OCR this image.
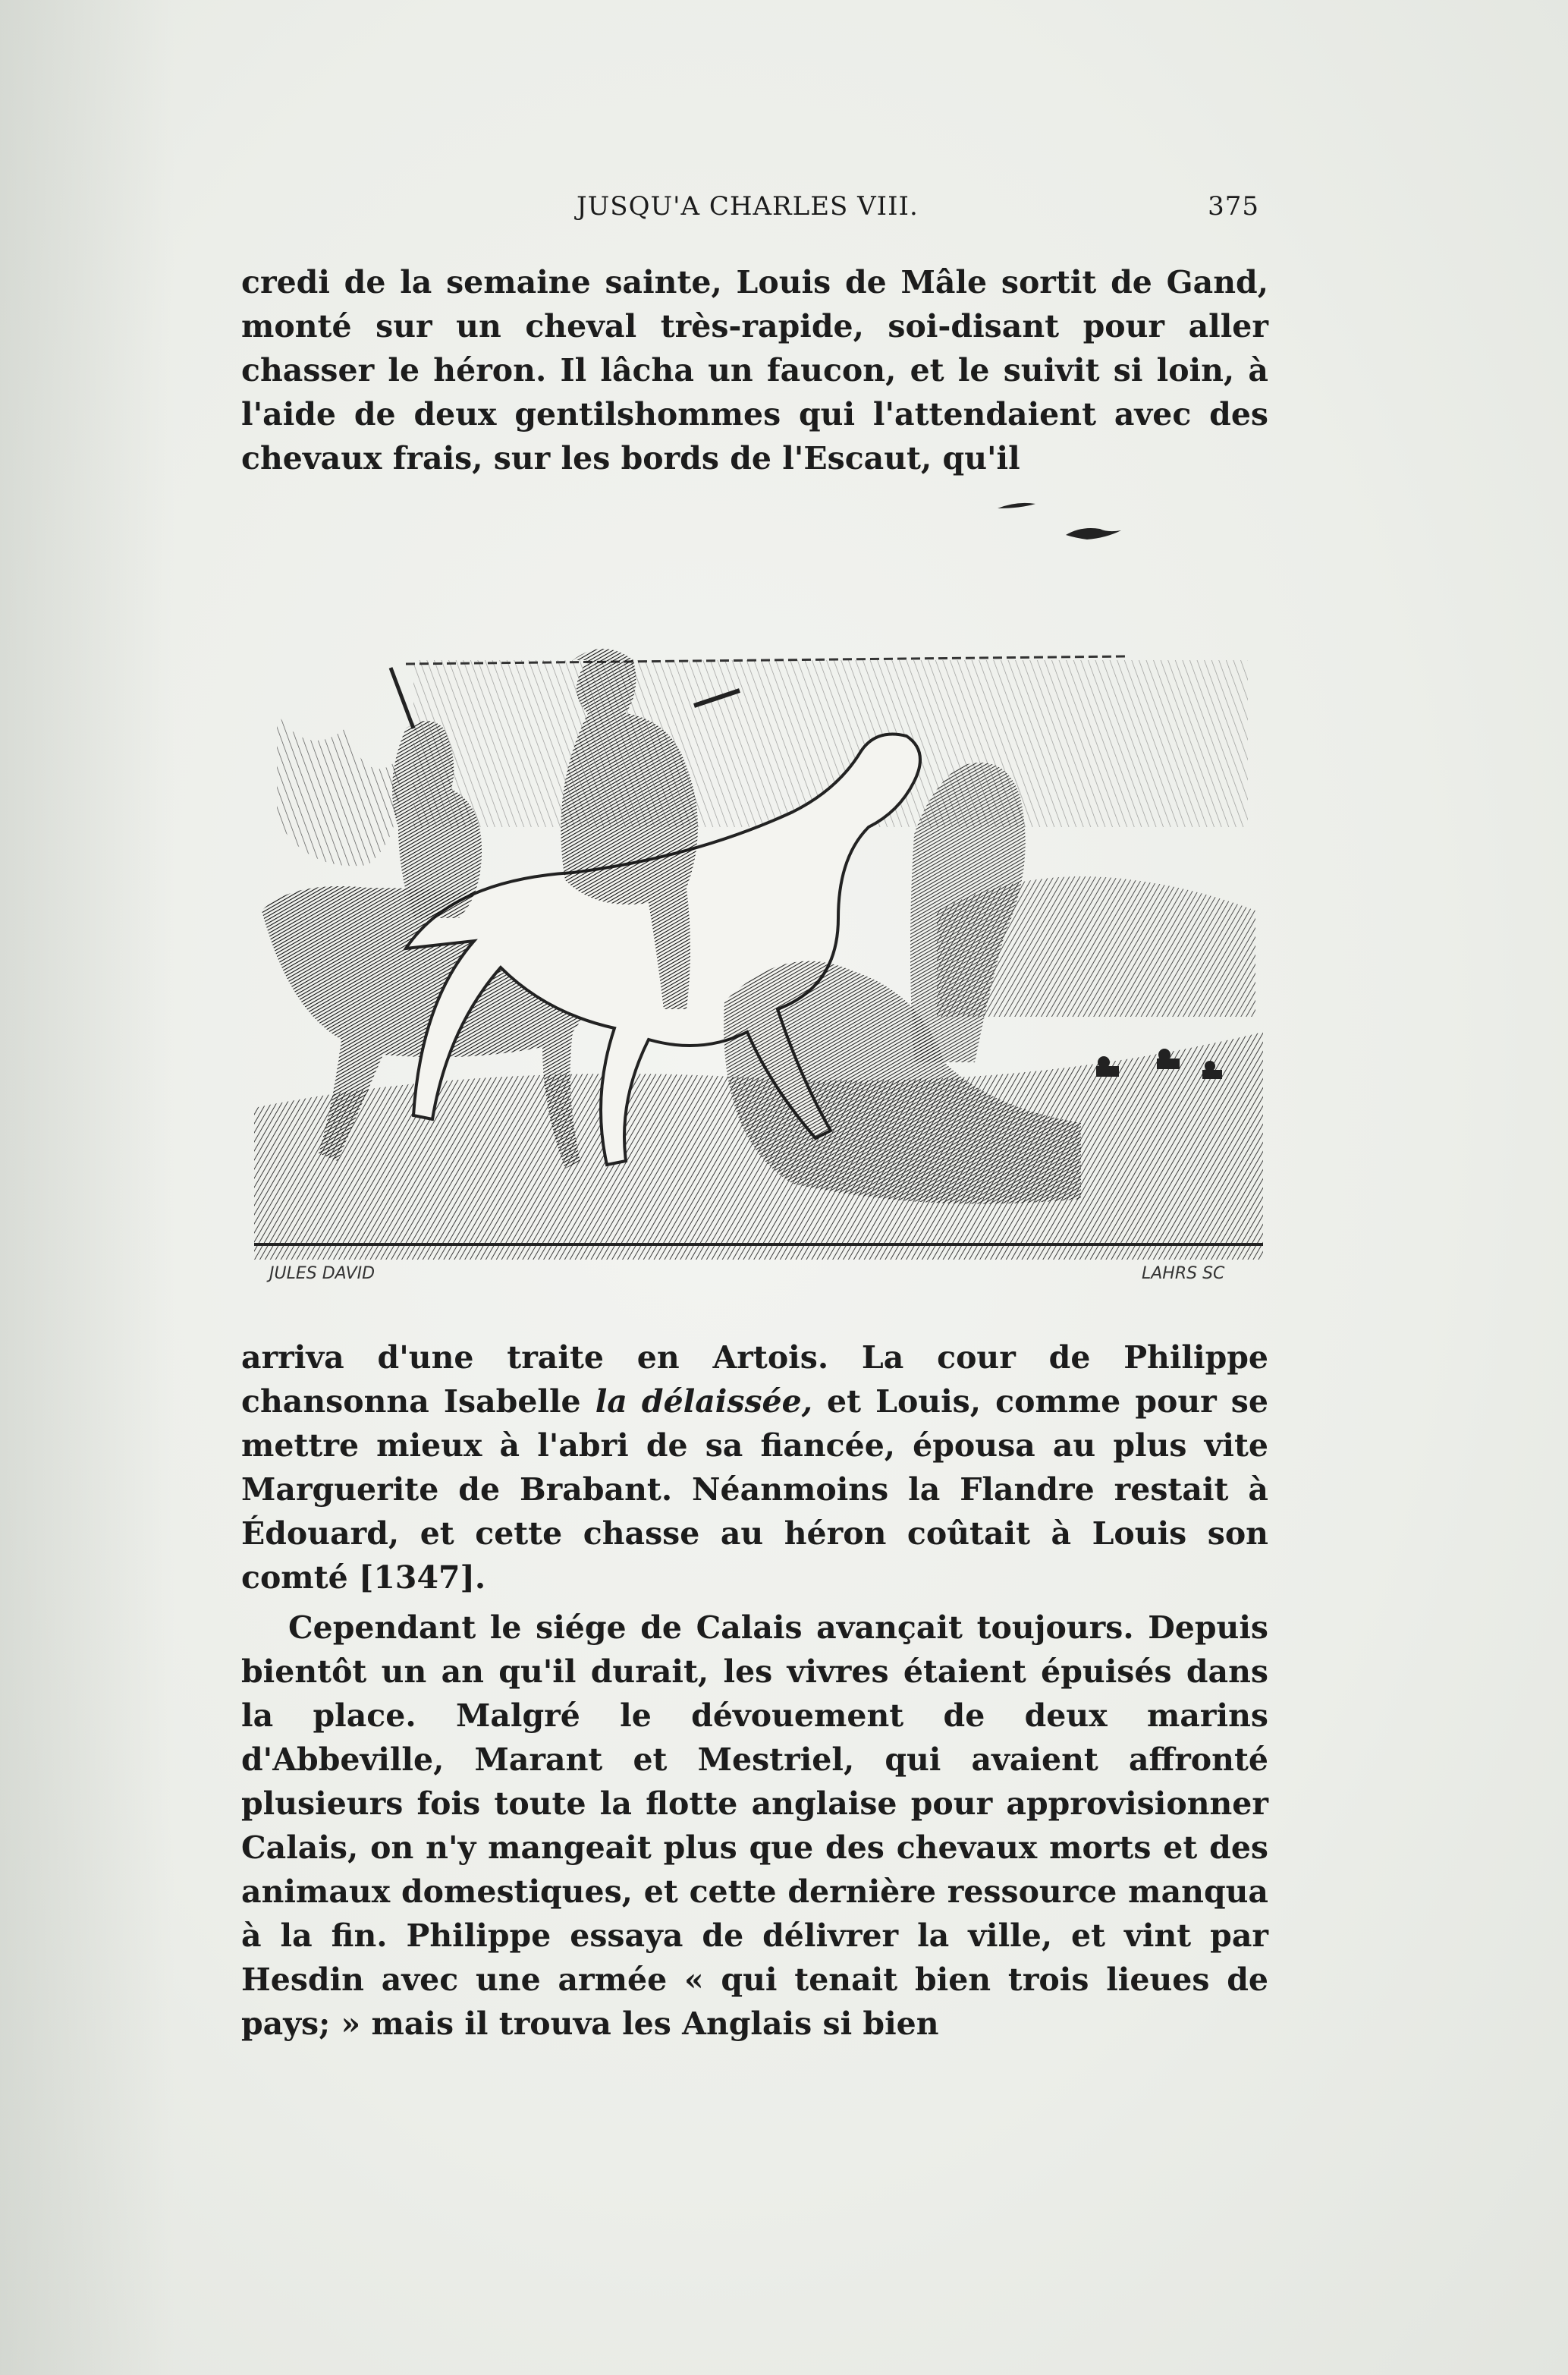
JUSQU'A CHARLES VIII.	375

credi de la semaine sainte, Louis de Mâle sortit de Gand, monté sur un cheval très-rapide, soi-disant pour aller chasser le héron. Il lâcha un faucon, et le suivit si loin, à l'aide de deux gentilshommes qui l'attendaient avec des chevaux frais, sur les bords de l'Escaut, qu'il

JULES DAVID	LAHRS SC

arriva d'une traite en Artois. La cour de Philippe chansonna Isabelle la délaissée, et Louis, comme pour se mettre mieux à l'abri de sa fiancée, épousa au plus vite Marguerite de Brabant. Néanmoins la Flandre restait à Édouard, et cette chasse au héron coûtait à Louis son comté [1347].

Cependant le siége de Calais avançait toujours. Depuis bientôt un an qu'il durait, les vivres étaient épuisés dans la place. Malgré le dévouement de deux marins d'Abbeville, Marant et Mestriel, qui avaient affronté plusieurs fois toute la flotte anglaise pour approvisionner Calais, on n'y mangeait plus que des chevaux morts et des animaux domestiques, et cette dernière ressource manqua à la fin. Philippe essaya de délivrer la ville, et vint par Hesdin avec une armée « qui tenait bien trois lieues de pays; » mais il trouva les Anglais si bien
